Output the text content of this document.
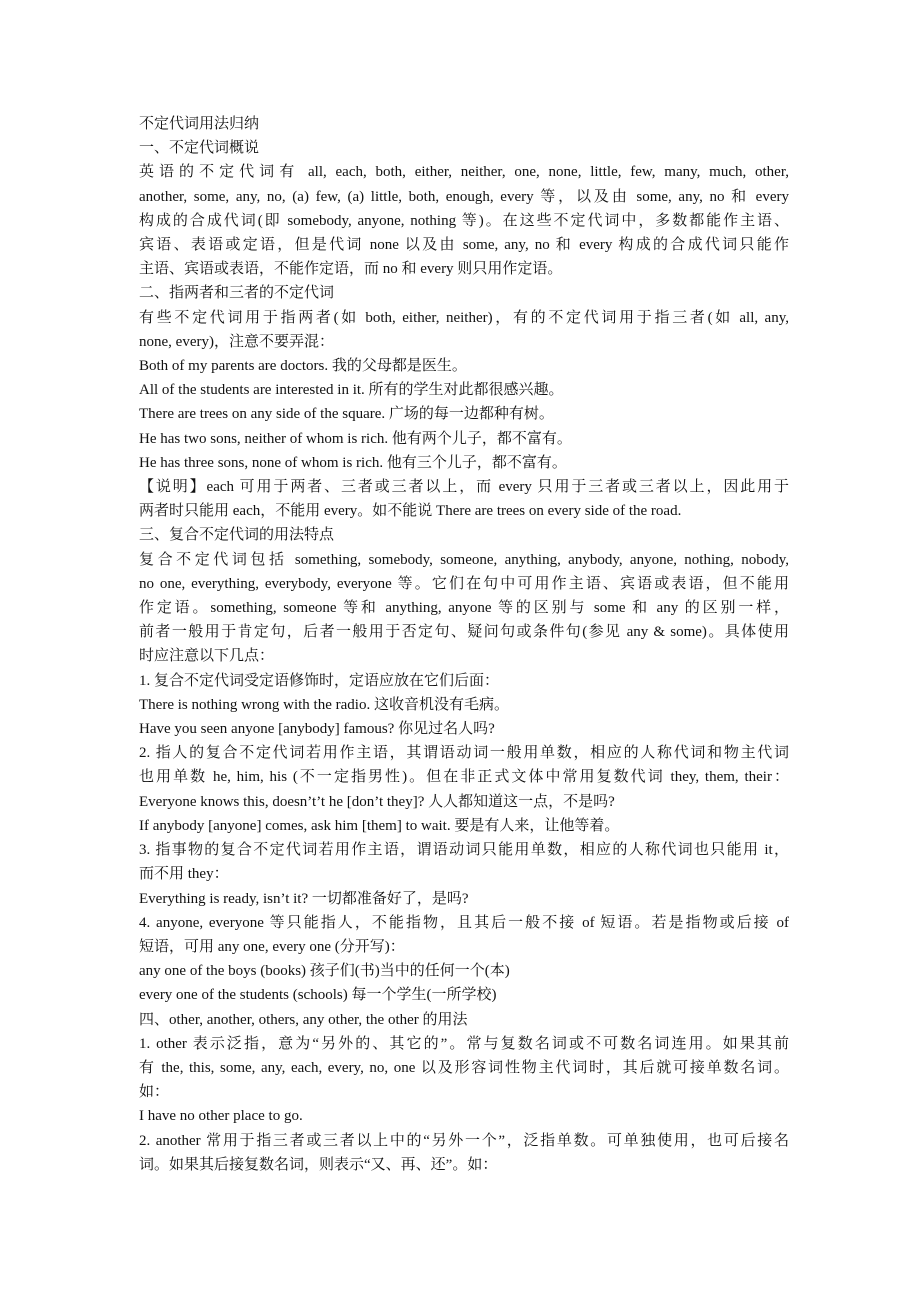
不定代词用法归纳
一、不定代词概说
英语的不定代词有 all, each, both, either, neither, one, none, little, few, many, much, other,
another, some, any, no, (a) few, (a) little, both, enough, every 等，以及由 some, any, no 和 every
构成的合成代词(即 somebody, anyone, nothing 等)。在这些不定代词中，多数都能作主语、
宾语、表语或定语，但是代词 none 以及由 some, any, no 和 every 构成的合成代词只能作
主语、宾语或表语，不能作定语，而 no 和 every 则只用作定语。
二、指两者和三者的不定代词
有些不定代词用于指两者(如 both, either, neither)，有的不定代词用于指三者(如 all, any,
none, every)，注意不要弄混：
Both of my parents are doctors. 我的父母都是医生。
All of the students are interested in it. 所有的学生对此都很感兴趣。
There are trees on any side of the square. 广场的每一边都种有树。
He has two sons, neither of whom is rich. 他有两个儿子，都不富有。
He has three sons, none of whom is rich. 他有三个儿子，都不富有。
【说明】each 可用于两者、三者或三者以上，而 every 只用于三者或三者以上，因此用于
两者时只能用 each，不能用 every。如不能说 There are trees on every side of the road.
三、复合不定代词的用法特点
复合不定代词包括 something, somebody, someone, anything, anybody, anyone, nothing, nobody,
no one, everything, everybody, everyone 等。它们在句中可用作主语、宾语或表语，但不能用
作定语。something, someone 等和 anything, anyone 等的区别与 some 和 any 的区别一样，
前者一般用于肯定句，后者一般用于否定句、疑问句或条件句(参见 any & some)。具体使用
时应注意以下几点：
1. 复合不定代词受定语修饰时，定语应放在它们后面：
There is nothing wrong with the radio. 这收音机没有毛病。
Have you seen anyone [anybody] famous? 你见过名人吗?
2. 指人的复合不定代词若用作主语，其谓语动词一般用单数，相应的人称代词和物主代词
也用单数 he, him, his (不一定指男性)。但在非正式文体中常用复数代词 they, them, their：
Everyone knows this, doesn’t’t he [don’t they]? 人人都知道这一点，不是吗?
If anybody [anyone] comes, ask him [them] to wait. 要是有人来，让他等着。
3. 指事物的复合不定代词若用作主语，谓语动词只能用单数，相应的人称代词也只能用 it，
而不用 they：
Everything is ready, isn’t it? 一切都准备好了，是吗?
4. anyone, everyone 等只能指人，不能指物，且其后一般不接 of 短语。若是指物或后接 of
短语，可用 any one, every one (分开写)：
any one of the boys (books) 孩子们(书)当中的任何一个(本)
every one of the students (schools) 每一个学生(一所学校)
四、other, another, others, any other, the other 的用法
1. other 表示泛指，意为“另外的、其它的”。常与复数名词或不可数名词连用。如果其前
有 the, this, some, any, each, every, no, one 以及形容词性物主代词时，其后就可接单数名词。
如：
I have no other place to go.
2. another 常用于指三者或三者以上中的“另外一个”，泛指单数。可单独使用，也可后接名
词。如果其后接复数名词，则表示“又、再、还”。如：
